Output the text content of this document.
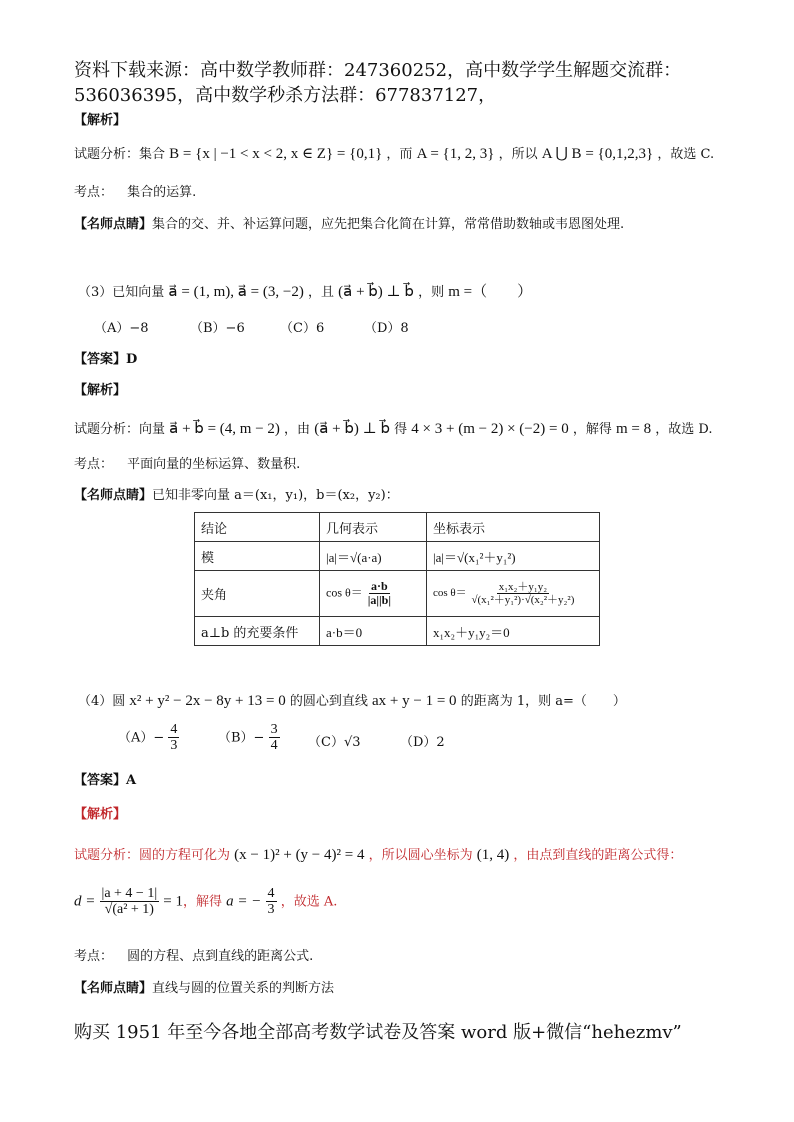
资料下载来源：高中数学教师群：247360252，高中数学学生解题交流群：
536036395，高中数学秒杀方法群：677837127，
【解析】
试题分析：集合 B = {x | −1 < x < 2, x ∈ Z} = {0,1} ，而 A = {1, 2, 3} ，所以 A ⋃ B = {0,1,2,3} ，故选 C.
考点： 集合的运算.
【名师点睛】集合的交、并、补运算问题，应先把集合化简在计算，常常借助数轴或韦恩图处理.
（3）已知向量 a⃗ = (1, m), a⃗ = (3, −2) ，且 (a⃗ + b⃗) ⊥ b⃗ ，则 m =（　　）
（A）−8	（B）−6	（C）6	（D）8
【答案】D
【解析】
试题分析：向量 a⃗ + b⃗ = (4, m − 2) ，由 (a⃗ + b⃗) ⊥ b⃗ 得 4 × 3 + (m − 2) × (−2) = 0 ，解得 m = 8 ，故选 D.
考点： 平面向量的坐标运算、数量积.
【名师点睛】已知非零向量 a＝(x₁，y₁)，b＝(x₂，y₂)：
结论	几何表示	坐标表示
模	|a|＝√(a·a)	|a|＝√(x₁²＋y₁²)
夹角	$\cos \theta= \frac{a\cdot b}{|a||b|}$	$\cos \theta= \frac{\text{x₁x₂＋y₁y₂}}{\text{√(x₁²＋y₁²)·√(x₂²＋y₂²)}}$

a⊥b 的充要条件	a·b＝0	x₁x₂＋y₁y₂＝0
（4）圆 x² + y² − 2x − 8y + 13 = 0 的圆心到直线 ax + y − 1 = 0 的距离为 1，则 a=（　　）
$(A)- \frac{4}{3}$	$(B)- \frac{3}{4} (C)√3$	（D）2
【答案】A
【解析】
试题分析：圆的方程可化为 (x − 1)² + (y − 4)² = 4 ，所以圆心坐标为 (1, 4) ，由点到直线的距离公式得：
$d = \frac{|a + 4 - 1|}{\text{√(a² + 1)}} = 1$，解得 a = − $\frac{4}{3}$ ，故选 A.
考点： 圆的方程、点到直线的距离公式.
【名师点睛】直线与圆的位置关系的判断方法
购买 1951 年至今各地全部高考数学试卷及答案 word 版+微信“hehezmv”
